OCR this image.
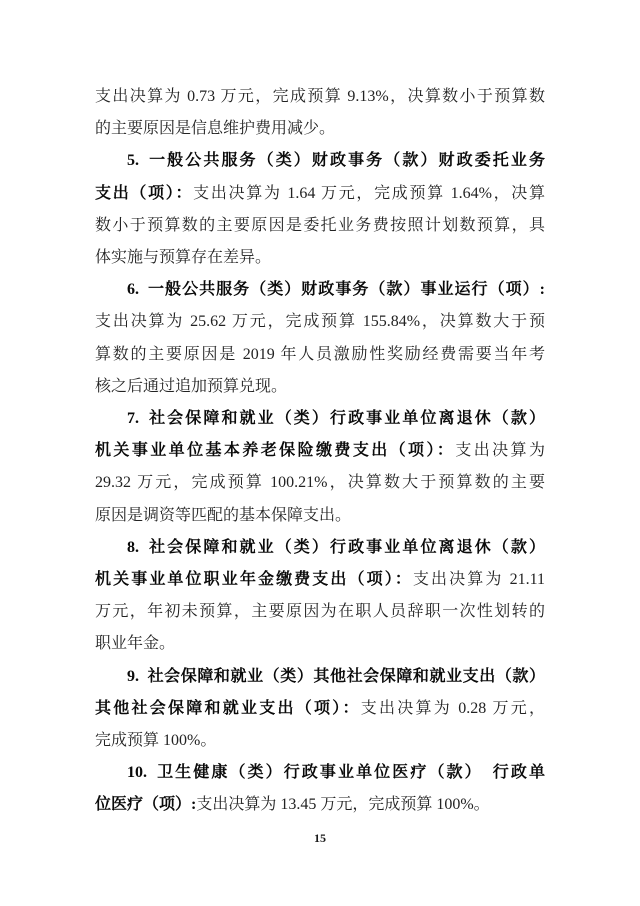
支出决算为 0.73 万元，完成预算 9.13%，决算数小于预算数
的主要原因是信息维护费用减少。
5. 一般公共服务（类）财政事务（款）财政委托业务
支出（项）：支出决算为 1.64 万元，完成预算 1.64%，决算
数小于预算数的主要原因是委托业务费按照计划数预算，具
体实施与预算存在差异。
6. 一般公共服务（类）财政事务（款）事业运行（项）:
支出决算为 25.62 万元，完成预算 155.84%，决算数大于预
算数的主要原因是 2019 年人员激励性奖励经费需要当年考
核之后通过追加预算兑现。
7. 社会保障和就业（类）行政事业单位离退休（款）
机关事业单位基本养老保险缴费支出（项）：支出决算为
29.32 万元，完成预算 100.21%，决算数大于预算数的主要
原因是调资等匹配的基本保障支出。
8. 社会保障和就业（类）行政事业单位离退休（款）
机关事业单位职业年金缴费支出（项）：支出决算为 21.11
万元，年初未预算，主要原因为在职人员辞职一次性划转的
职业年金。
9. 社会保障和就业（类）其他社会保障和就业支出（款）
其他社会保障和就业支出（项）：支出决算为 0.28 万元，
完成预算 100%。
10. 卫生健康（类）行政事业单位医疗（款）　行政单
位医疗（项）:支出决算为 13.45 万元，完成预算 100%。
15
